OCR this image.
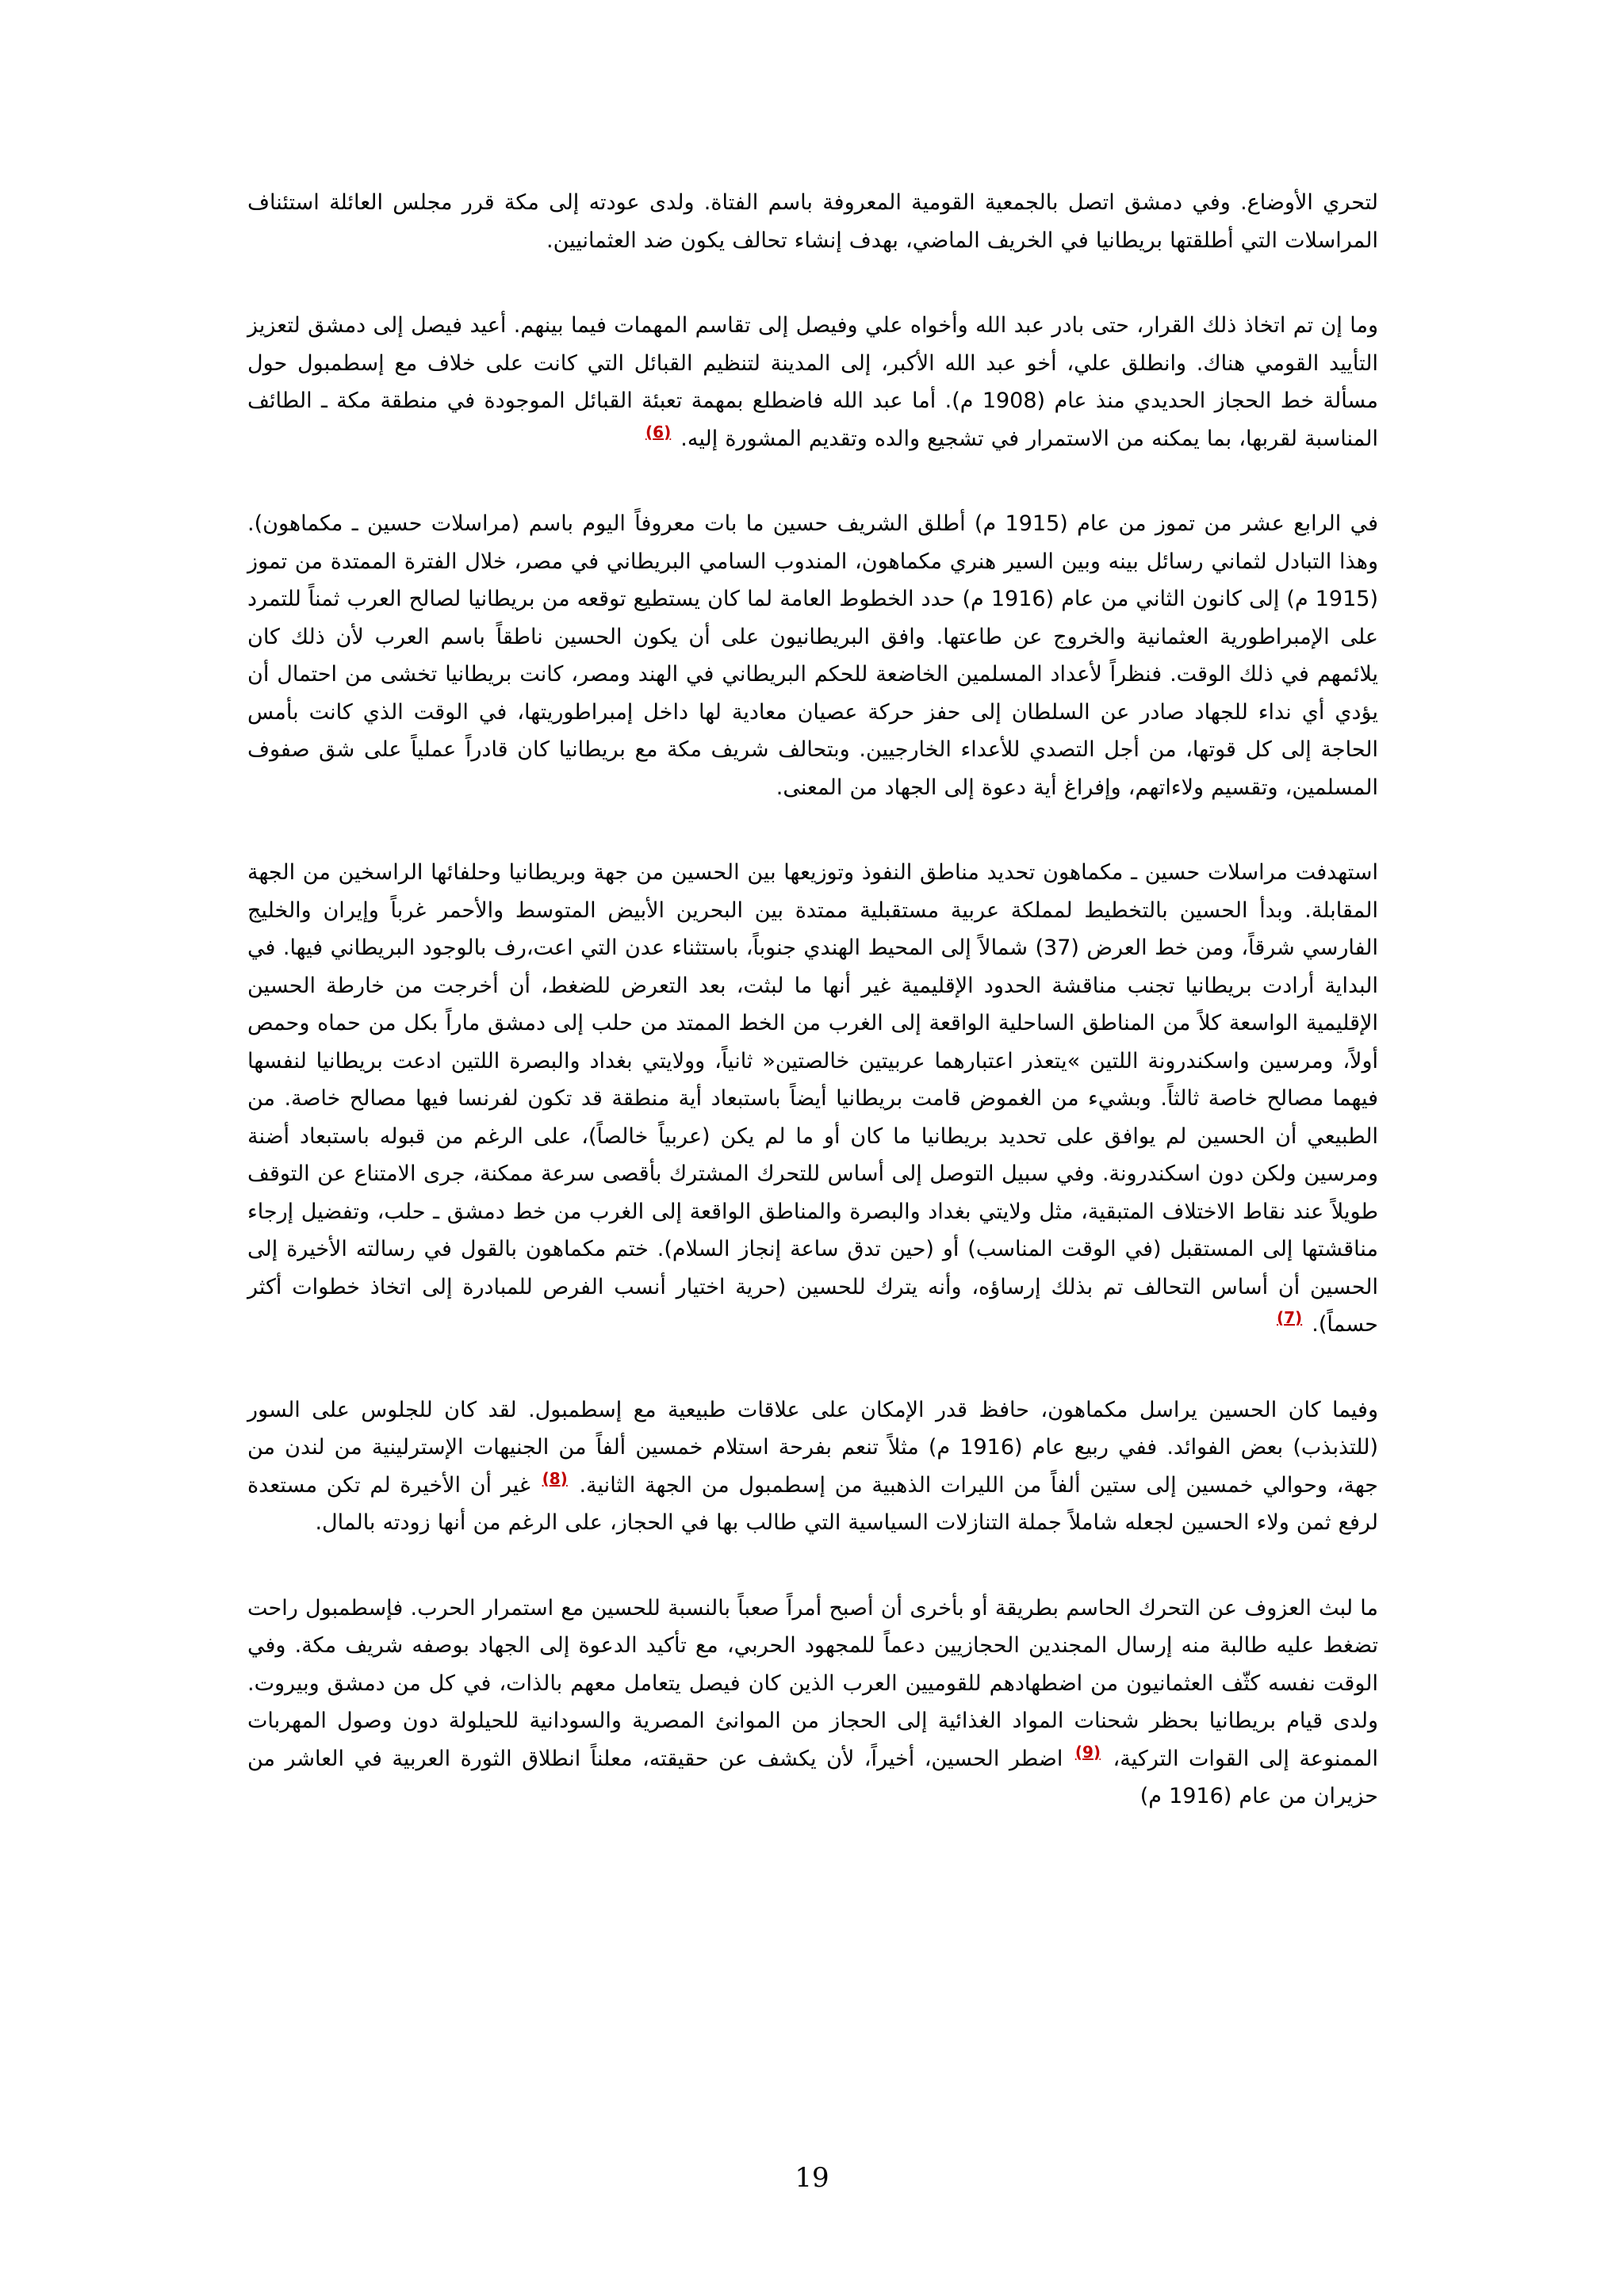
لتحري الأوضاع. وفي دمشق اتصل بالجمعية القومية المعروفة باسم الفتاة. ولدى عودته إلى مكة قرر مجلس العائلة استئناف المراسلات التي أطلقتها بريطانيا في الخريف الماضي، بهدف إنشاء تحالف يكون ضد العثمانيين.

وما إن تم اتخاذ ذلك القرار، حتى بادر عبد الله وأخواه علي وفيصل إلى تقاسم المهمات فيما بينهم. أعيد فيصل إلى دمشق لتعزيز التأييد القومي هناك. وانطلق علي، أخو عبد الله الأكبر، إلى المدينة لتنظيم القبائل التي كانت على خلاف مع إسطمبول حول مسألة خط الحجاز الحديدي منذ عام (1908 م). أما عبد الله فاضطلع بمهمة تعبئة القبائل الموجودة في منطقة مكة ـ الطائف المناسبة لقربها، بما يمكنه من الاستمرار في تشجيع والده وتقديم المشورة إليه. $^{(6)}$

في الرابع عشر من تموز من عام (1915 م) أطلق الشريف حسين ما بات معروفاً اليوم باسم (مراسلات حسين ـ مكماهون). وهذا التبادل لثماني رسائل بينه وبين السير هنري مكماهون، المندوب السامي البريطاني في مصر، خلال الفترة الممتدة من تموز (1915 م) إلى كانون الثاني من عام (1916 م) حدد الخطوط العامة لما كان يستطيع توقعه من بريطانيا لصالح العرب ثمناً للتمرد على الإمبراطورية العثمانية والخروج عن طاعتها. وافق البريطانيون على أن يكون الحسين ناطقاً باسم العرب لأن ذلك كان يلائمهم في ذلك الوقت. فنظراً لأعداد المسلمين الخاضعة للحكم البريطاني في الهند ومصر، كانت بريطانيا تخشى من احتمال أن يؤدي أي نداء للجهاد صادر عن السلطان إلى حفز حركة عصيان معادية لها داخل إمبراطوريتها، في الوقت الذي كانت بأمس الحاجة إلى كل قوتها، من أجل التصدي للأعداء الخارجيين. وبتحالف شريف مكة مع بريطانيا كان قادراً عملياً على شق صفوف المسلمين، وتقسيم ولاءاتهم، وإفراغ أية دعوة إلى الجهاد من المعنى.

استهدفت مراسلات حسين ـ مكماهون تحديد مناطق النفوذ وتوزيعها بين الحسين من جهة وبريطانيا وحلفائها الراسخين من الجهة المقابلة. وبدأ الحسين بالتخطيط لمملكة عربية مستقبلية ممتدة بين البحرين الأبيض المتوسط والأحمر غرباً وإيران والخليج الفارسي شرقاً، ومن خط العرض (37) شمالاً إلى المحيط الهندي جنوباً، باستثناء عدن التي اعت،رف بالوجود البريطاني فيها. في البداية أرادت بريطانيا تجنب مناقشة الحدود الإقليمية غير أنها ما لبثت، بعد التعرض للضغط، أن أخرجت من خارطة الحسين الإقليمية الواسعة كلاً من المناطق الساحلية الواقعة إلى الغرب من الخط الممتد من حلب إلى دمشق ماراً بكل من حماه وحمص أولاً، ومرسين واسكندرونة اللتين »يتعذر اعتبارهما عربيتين خالصتين« ثانياً، وولايتي بغداد والبصرة اللتين ادعت بريطانيا لنفسها فيهما مصالح خاصة ثالثاً. وبشيء من الغموض قامت بريطانيا أيضاً باستبعاد أية منطقة قد تكون لفرنسا فيها مصالح خاصة. من الطبيعي أن الحسين لم يوافق على تحديد بريطانيا ما كان أو ما لم يكن (عربياً خالصاً)، على الرغم من قبوله باستبعاد أضنة ومرسين ولكن دون اسكندرونة. وفي سبيل التوصل إلى أساس للتحرك المشترك بأقصى سرعة ممكنة، جرى الامتناع عن التوقف طويلاً عند نقاط الاختلاف المتبقية، مثل ولايتي بغداد والبصرة والمناطق الواقعة إلى الغرب من خط دمشق ـ حلب، وتفضيل إرجاء مناقشتها إلى المستقبل (في الوقت المناسب) أو (حين تدق ساعة إنجاز السلام). ختم مكماهون بالقول في رسالته الأخيرة إلى الحسين أن أساس التحالف تم بذلك إرساؤه، وأنه يترك للحسين (حرية اختيار أنسب الفرص للمبادرة إلى اتخاذ خطوات أكثر حسماً). $^{(7)}$

وفيما كان الحسين يراسل مكماهون، حافظ قدر الإمكان على علاقات طبيعية مع إسطمبول. لقد كان للجلوس على السور (للتذبذب) بعض الفوائد. ففي ربيع عام (1916 م) مثلاً تنعم بفرحة استلام خمسين ألفاً من الجنيهات الإسترلينية من لندن من جهة، وحوالي خمسين إلى ستين ألفاً من الليرات الذهبية من إسطمبول من الجهة الثانية. $^{(8)}$ غير أن الأخيرة لم تكن مستعدة لرفع ثمن ولاء الحسين لجعله شاملاً جملة التنازلات السياسية التي طالب بها في الحجاز، على الرغم من أنها زودته بالمال.

ما لبث العزوف عن التحرك الحاسم بطريقة أو بأخرى أن أصبح أمراً صعباً بالنسبة للحسين مع استمرار الحرب. فإسطمبول راحت تضغط عليه طالبة منه إرسال المجندين الحجازيين دعماً للمجهود الحربي، مع تأكيد الدعوة إلى الجهاد بوصفه شريف مكة. وفي الوقت نفسه كثّف العثمانيون من اضطهادهم للقوميين العرب الذين كان فيصل يتعامل معهم بالذات، في كل من دمشق وبيروت. ولدى قيام بريطانيا بحظر شحنات المواد الغذائية إلى الحجاز من الموانئ المصرية والسودانية للحيلولة دون وصول المهربات الممنوعة إلى القوات التركية، $^{(9)}$ اضطر الحسين، أخيراً، لأن يكشف عن حقيقته، معلناً انطلاق الثورة العربية في العاشر من حزيران من عام (1916 م)

19
